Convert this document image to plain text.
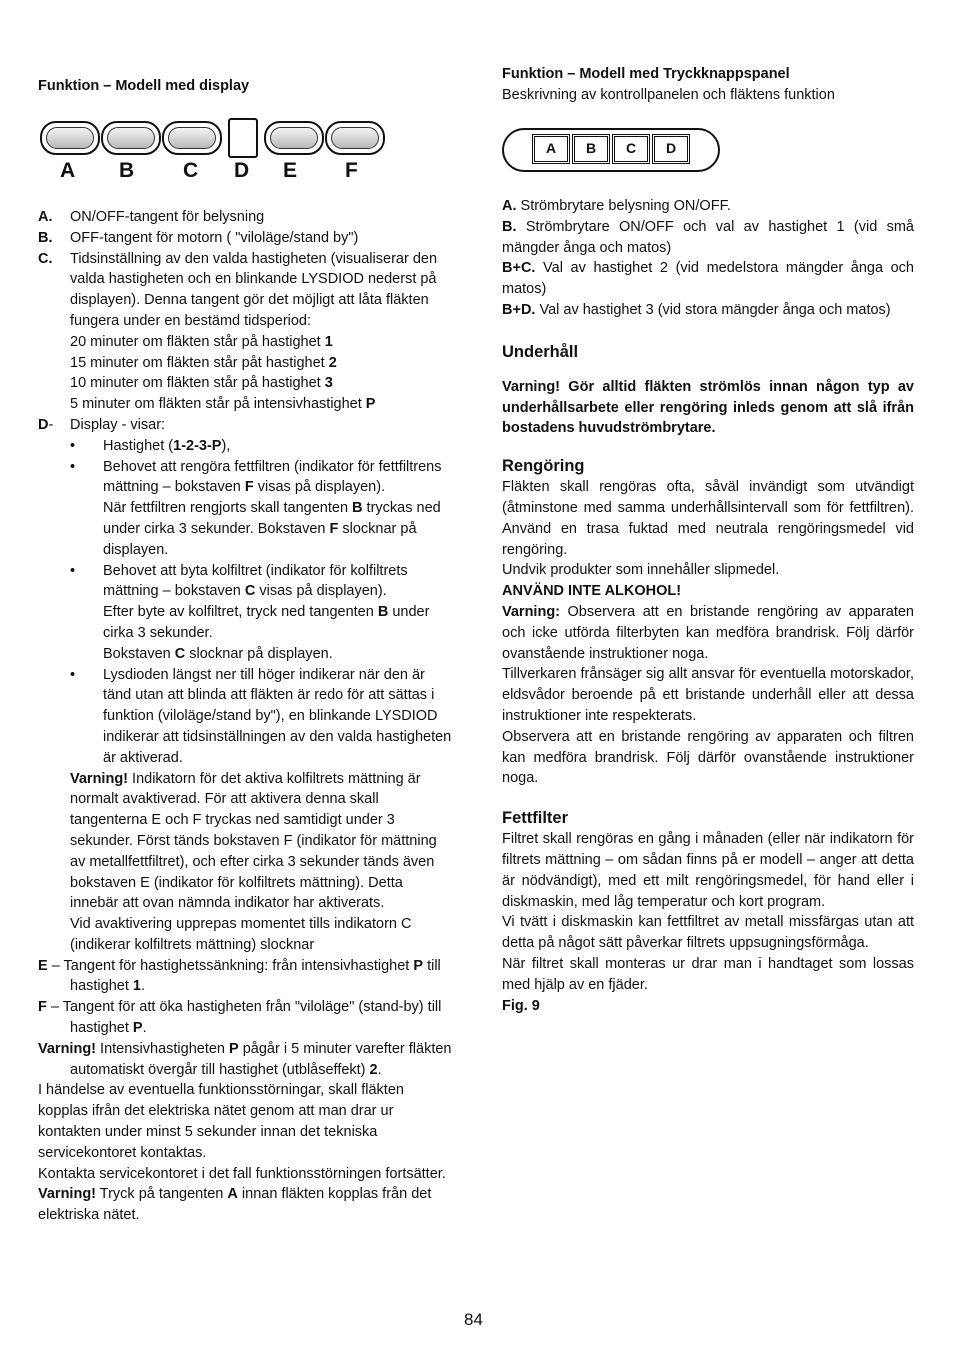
Funktion – Modell med display
A B C D E F
A. ON/OFF-tangent för belysning
B. OFF-tangent för motorn ( "viloläge/stand by")
C. Tidsinställning av den valda hastigheten (visualiserar den valda hastigheten och en blinkande LYSDIOD nederst på displayen). Denna tangent gör det möjligt att låta fläkten fungera under en bestämd tidsperiod:
20 minuter om fläkten står på hastighet 1
15 minuter om fläkten står påt hastighet 2
10 minuter om fläkten står på hastighet 3
5 minuter om fläkten står på intensivhastighet P
D- Display - visar:
• Hastighet (1-2-3-P),
• Behovet att rengöra fettfiltren (indikator för fettfiltrens mättning – bokstaven F visas på displayen).
När fettfiltren rengjorts skall tangenten B tryckas ned under cirka 3 sekunder. Bokstaven F slocknar på displayen.
• Behovet att byta kolfiltret (indikator för kolfiltrets mättning – bokstaven C visas på displayen).
Efter byte av kolfiltret, tryck ned tangenten B under cirka 3 sekunder.
Bokstaven C slocknar på displayen.
• Lysdioden längst ner till höger indikerar när den är tänd utan att blinda att fläkten är redo för att sättas i funktion (viloläge/stand by"), en blinkande LYSDIOD indikerar att tidsinställningen av den valda hastigheten är aktiverad.
Varning! Indikatorn för det aktiva kolfiltrets mättning är normalt avaktiverad. För att aktivera denna skall tangenterna E och F tryckas ned samtidigt under 3 sekunder. Först tänds bokstaven F (indikator för mättning av metallfettfiltret), och efter cirka 3 sekunder tänds även bokstaven E (indikator för kolfiltrets mättning). Detta innebär att ovan nämnda indikator har aktiverats.
Vid avaktivering upprepas momentet tills indikatorn C (indikerar kolfiltrets mättning) slocknar
E – Tangent för hastighetssänkning: från intensivhastighet P till hastighet 1.
F – Tangent för att öka hastigheten från "viloläge" (stand-by) till hastighet P.
Varning! Intensivhastigheten P pågår i 5 minuter varefter fläkten automatiskt övergår till hastighet (utblåseffekt) 2.
I händelse av eventuella funktionsstörningar, skall fläkten kopplas ifrån det elektriska nätet genom att man drar ur kontakten under minst 5 sekunder innan det tekniska servicekontoret kontaktas.
Kontakta servicekontoret i det fall funktionsstörningen fortsätter.
Varning! Tryck på tangenten A innan fläkten kopplas från det elektriska nätet.
Funktion – Modell med Tryckknappspanel
Beskrivning av kontrollpanelen och fläktens funktion
A	B	C	D

A. Strömbrytare belysning ON/OFF.

B. Strömbrytare ON/OFF och val av hastighet 1 (vid små mängder ånga och matos)

B+C. Val av hastighet 2 (vid medelstora mängder ånga och matos)

B+D. Val av hastighet 3 (vid stora mängder ånga och matos)

Underhåll

Varning! Gör alltid fläkten strömlös innan någon typ av underhållsarbete eller rengöring inleds genom att slå ifrån bostadens huvudströmbrytare.

Rengöring

Fläkten skall rengöras ofta, såväl invändigt som utvändigt (åtminstone med samma underhållsintervall som för fettfiltren). Använd en trasa fuktad med neutrala rengöringsmedel vid rengöring.

Undvik produkter som innehåller slipmedel.

ANVÄND INTE ALKOHOL!

Varning: Observera att en bristande rengöring av apparaten och icke utförda filterbyten kan medföra brandrisk. Följ därför ovanstående instruktioner noga.

Tillverkaren frånsäger sig allt ansvar för eventuella motorskador, eldsvådor beroende på ett bristande underhåll eller att dessa instruktioner inte respekterats.

Observera att en bristande rengöring av apparaten och filtren kan medföra brandrisk. Följ därför ovanstående instruktioner noga.

Fettfilter

Filtret skall rengöras en gång i månaden (eller när indikatorn för filtrets mättning – om sådan finns på er modell – anger att detta är nödvändigt), med ett milt rengöringsmedel, för hand eller i diskmaskin, med låg temperatur och kort program.

Vi tvätt i diskmaskin kan fettfiltret av metall missfärgas utan att detta på något sätt påverkar filtrets uppsugningsförmåga.

När filtret skall monteras ur drar man i handtaget som lossas med hjälp av en fjäder.

Fig. 9

84
